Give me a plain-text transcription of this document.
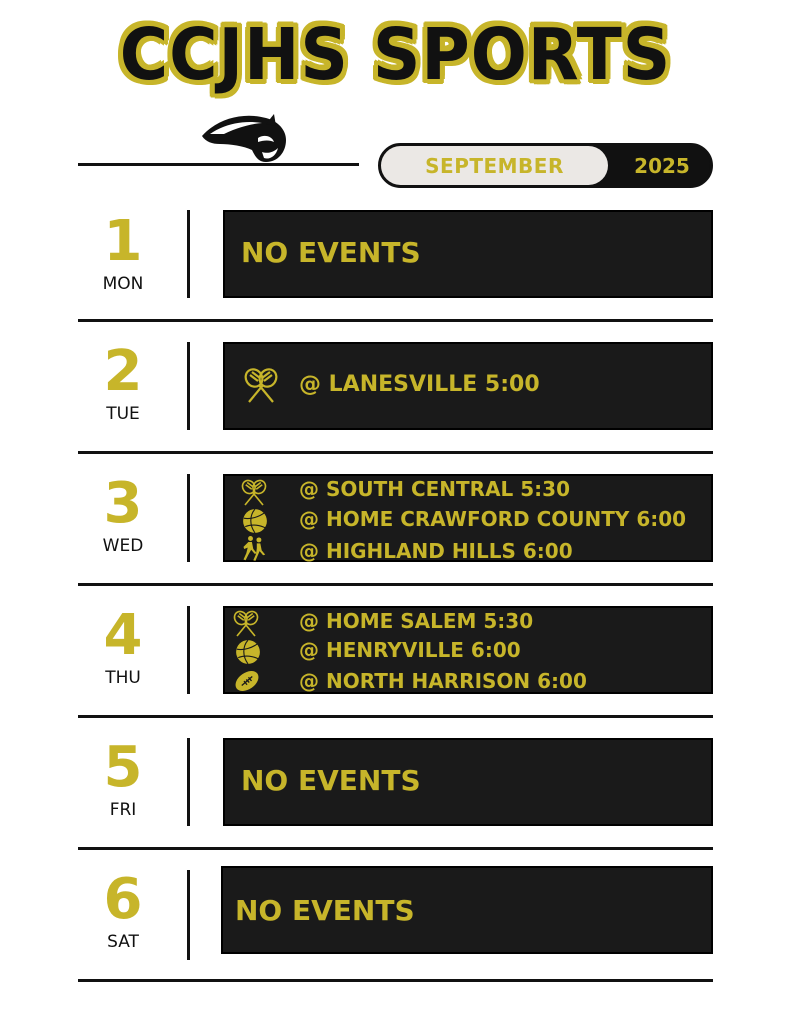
CCJHS SPORTS
SEPTEMBER	2025
1
MON
NO EVENTS
2
TUE
@ LANESVILLE 5:00
3
WED
@ SOUTH CENTRAL 5:30
@ HOME CRAWFORD COUNTY 6:00
@ HIGHLAND HILLS 6:00
4
THU
@ HOME SALEM 5:30
@ HENRYVILLE 6:00
@ NORTH HARRISON 6:00
5
FRI
NO EVENTS
6
SAT
NO EVENTS
